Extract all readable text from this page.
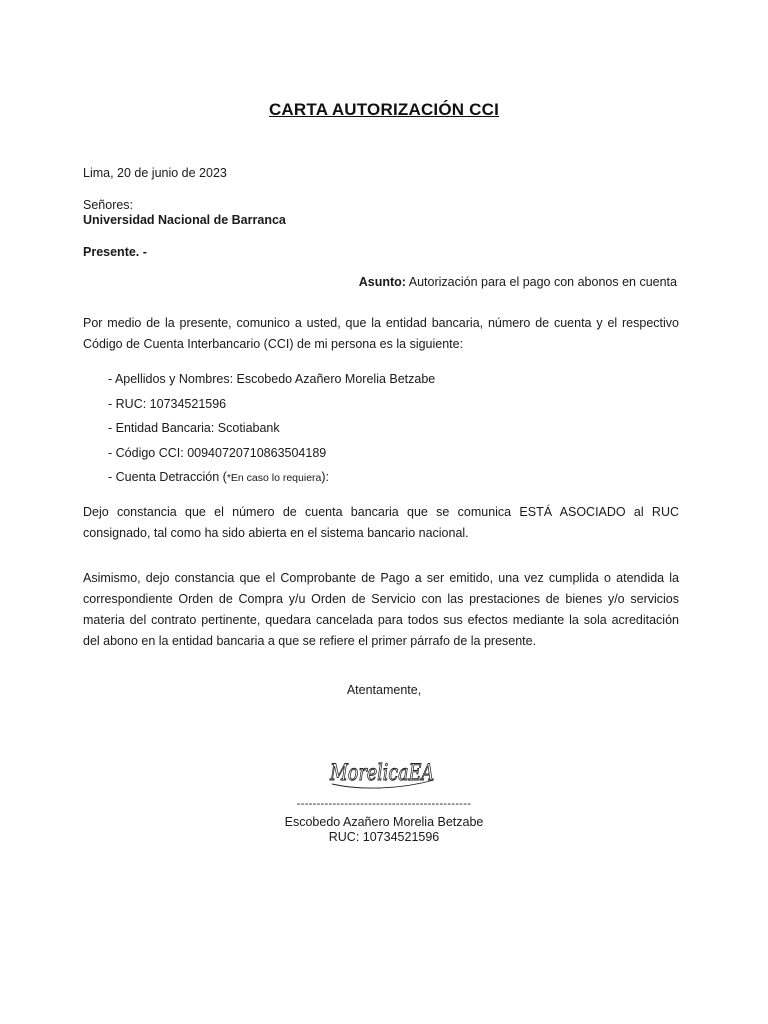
CARTA AUTORIZACIÓN CCI
Lima, 20 de junio de 2023
Señores:
Universidad Nacional de Barranca
Presente. -
Asunto: Autorización para el pago con abonos en cuenta
Por medio de la presente, comunico a usted, que la entidad bancaria, número de cuenta y el respectivo Código de Cuenta Interbancario (CCI) de mi persona es la siguiente:
- Apellidos y Nombres: Escobedo Azañero Morelia Betzabe
- RUC: 10734521596
- Entidad Bancaria: Scotiabank
- Código CCI: 00940720710863504189
- Cuenta Detracción (*En caso lo requiera):
Dejo constancia que el número de cuenta bancaria que se comunica ESTÁ ASOCIADO al RUC consignado, tal como ha sido abierta en el sistema bancario nacional.
Asimismo, dejo constancia que el Comprobante de Pago a ser emitido, una vez cumplida o atendida la correspondiente Orden de Compra y/u Orden de Servicio con las prestaciones de bienes y/o servicios materia del contrato pertinente, quedara cancelada para todos sus efectos mediante la sola acreditación del abono en la entidad bancaria a que se refiere el primer párrafo de la presente.
Atentamente,
MorelicaEA
--------------------------------------------
Escobedo Azañero Morelia Betzabe
RUC: 10734521596
